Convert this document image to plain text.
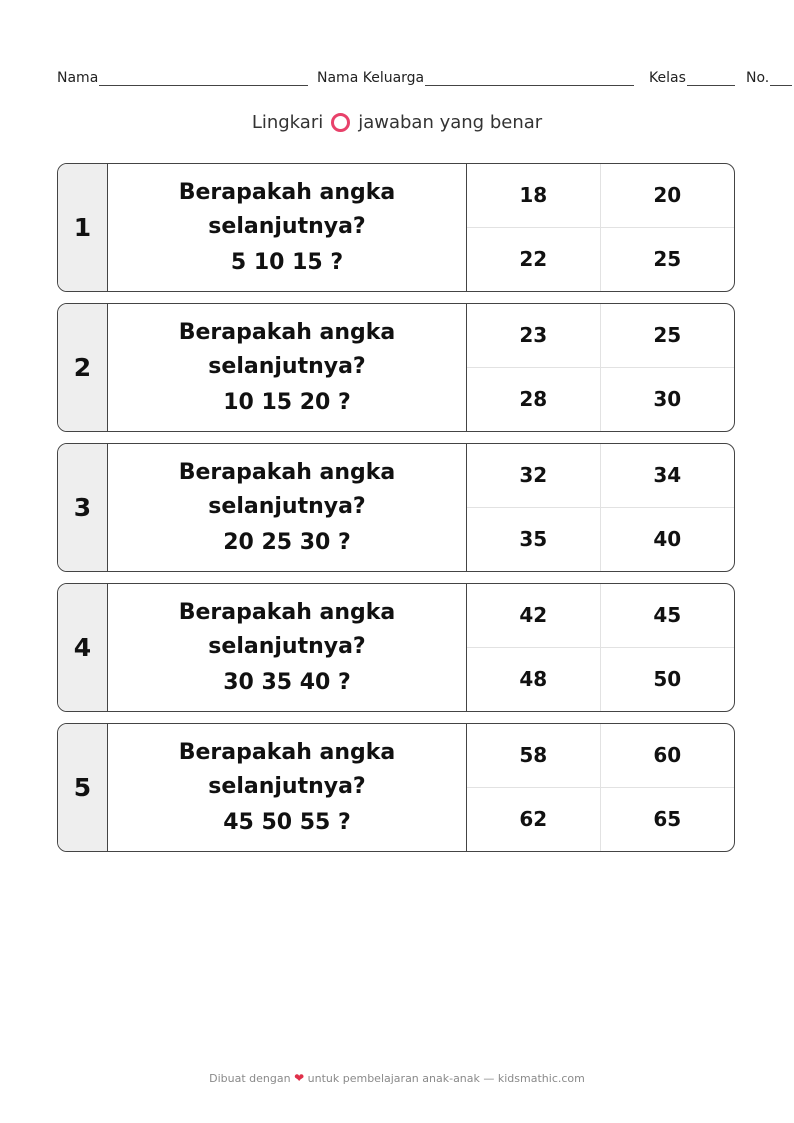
Nama	Nama Keluarga	Kelas	No.
Lingkari jawaban yang benar
1
Berapakah angka
selanjutnya?
5 10 15 ?
18	20
22	25
2
Berapakah angka
selanjutnya?
10 15 20 ?
23	25
28	30
3
Berapakah angka
selanjutnya?
20 25 30 ?
32	34
35	40
4
Berapakah angka
selanjutnya?
30 35 40 ?
42	45
48	50
5
Berapakah angka
selanjutnya?
45 50 55 ?
58	60
62	65
Dibuat dengan ❤ untuk pembelajaran anak-anak — kidsmathic.com
